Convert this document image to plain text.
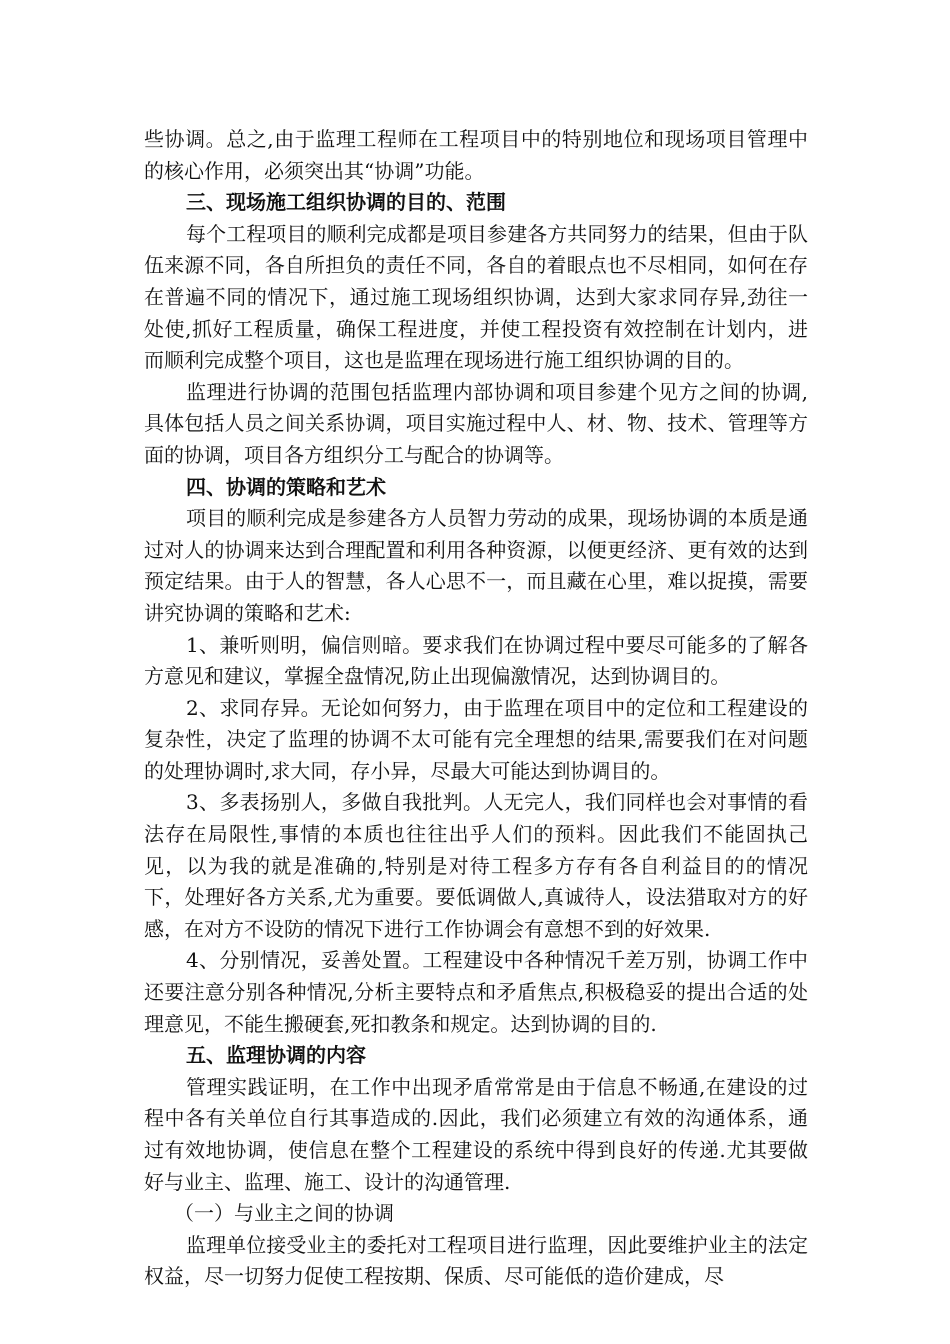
些协调。总之,由于监理工程师在工程项目中的特别地位和现场项目管理中的核心作用，必须突出其“协调”功能。

三、现场施工组织协调的目的、范围

每个工程项目的顺利完成都是项目参建各方共同努力的结果，但由于队伍来源不同，各自所担负的责任不同，各自的着眼点也不尽相同，如何在存在普遍不同的情况下，通过施工现场组织协调，达到大家求同存异,劲往一处使,抓好工程质量，确保工程进度，并使工程投资有效控制在计划内，进而顺利完成整个项目，这也是监理在现场进行施工组织协调的目的。

监理进行协调的范围包括监理内部协调和项目参建个见方之间的协调,具体包括人员之间关系协调，项目实施过程中人、材、物、技术、管理等方面的协调，项目各方组织分工与配合的协调等。

四、协调的策略和艺术

项目的顺利完成是参建各方人员智力劳动的成果，现场协调的本质是通过对人的协调来达到合理配置和利用各种资源，以便更经济、更有效的达到预定结果。由于人的智慧，各人心思不一，而且藏在心里，难以捉摸，需要讲究协调的策略和艺术:

1、兼听则明，偏信则暗。要求我们在协调过程中要尽可能多的了解各方意见和建议，掌握全盘情况,防止出现偏激情况，达到协调目的。

2、求同存异。无论如何努力，由于监理在项目中的定位和工程建设的复杂性，决定了监理的协调不太可能有完全理想的结果,需要我们在对问题的处理协调时,求大同，存小异，尽最大可能达到协调目的。

3、多表扬别人，多做自我批判。人无完人，我们同样也会对事情的看法存在局限性,事情的本质也往往出乎人们的预料。因此我们不能固执己见，以为我的就是准确的,特别是对待工程多方存有各自利益目的的情况下，处理好各方关系,尤为重要。要低调做人,真诚待人，设法猎取对方的好感，在对方不设防的情况下进行工作协调会有意想不到的好效果.

4、分别情况，妥善处置。工程建设中各种情况千差万别，协调工作中还要注意分别各种情况,分析主要特点和矛盾焦点,积极稳妥的提出合适的处理意见，不能生搬硬套,死扣教条和规定。达到协调的目的.

五、监理协调的内容

管理实践证明，在工作中出现矛盾常常是由于信息不畅通,在建设的过程中各有关单位自行其事造成的.因此，我们必须建立有效的沟通体系，通过有效地协调，使信息在整个工程建设的系统中得到良好的传递.尤其要做好与业主、监理、施工、设计的沟通管理.

（一）与业主之间的协调

监理单位接受业主的委托对工程项目进行监理，因此要维护业主的法定权益，尽一切努力促使工程按期、保质、尽可能低的造价建成，尽
